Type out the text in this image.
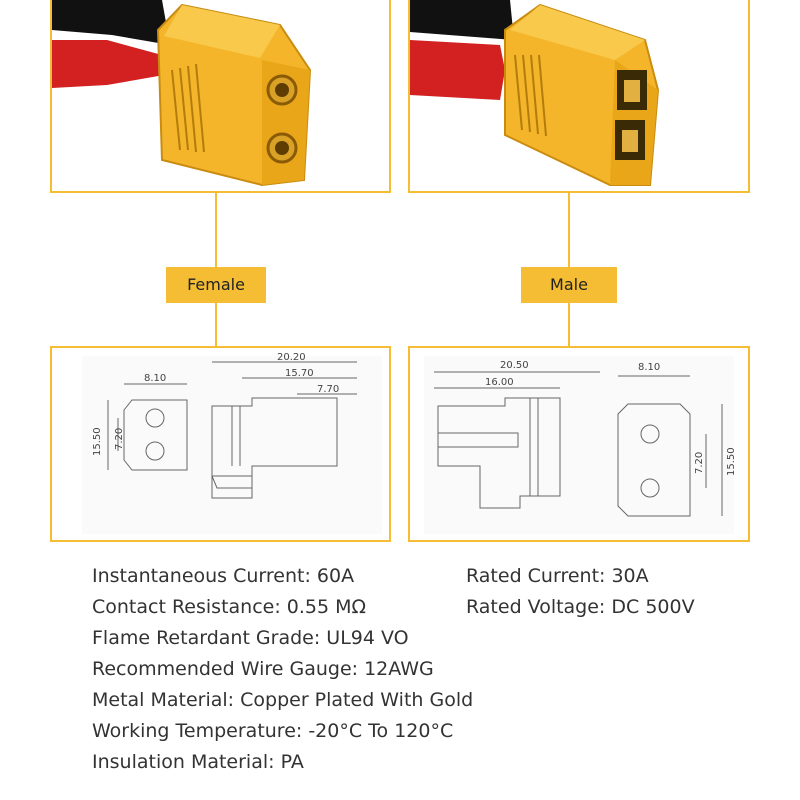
Female	Male
20.20
15.70
7.70
8.10
15.50 7.20
20.50
16.00
8.10
7.20 15.50
Instantaneous Current: 60A
Contact Resistance: 0.55 MΩ
Flame Retardant Grade: UL94 VO
Recommended Wire Gauge: 12AWG
Metal Material: Copper Plated With Gold
Working Temperature: -20°C To 120°C
Insulation Material: PA
Rated Current: 30A
Rated Voltage: DC 500V
